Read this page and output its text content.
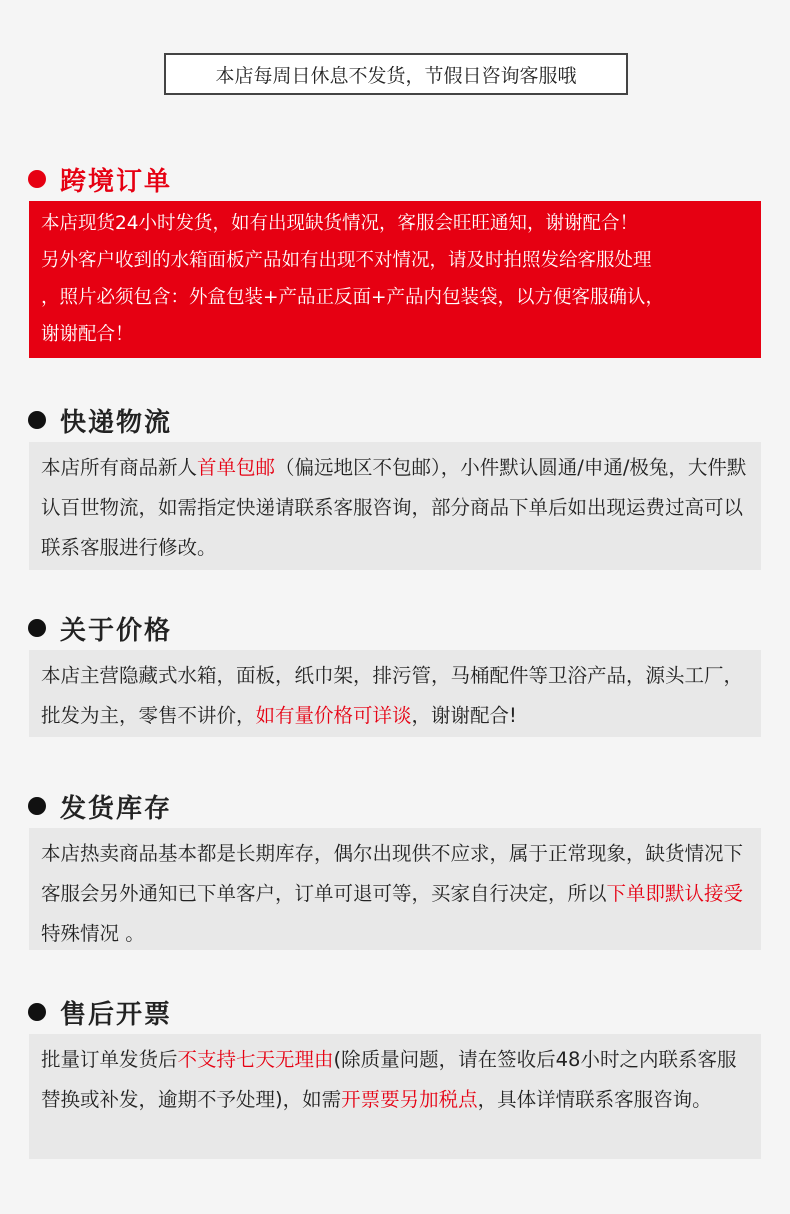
本店每周日休息不发货，节假日咨询客服哦
跨境订单

本店现货24小时发货，如有出现缺货情况，客服会旺旺通知，谢谢配合！

另外客户收到的水箱面板产品如有出现不对情况，请及时拍照发给客服处理

，照片必须包含：外盒包装+产品正反面+产品内包装袋，以方便客服确认，

谢谢配合！

快递物流

本店所有商品新人首单包邮（偏远地区不包邮），小件默认圆通/申通/极兔，大件默认百世物流，如需指定快递请联系客服咨询，部分商品下单后如出现运费过高可以联系客服进行修改。

关于价格

本店主营隐藏式水箱，面板，纸巾架，排污管，马桶配件等卫浴产品，源头工厂，批发为主，零售不讲价，如有量价格可详谈，谢谢配合!

发货库存

本店热卖商品基本都是长期库存，偶尔出现供不应求，属于正常现象，缺货情况下客服会另外通知已下单客户，订单可退可等，买家自行决定，所以下单即默认接受特殊情况 。

售后开票

批量订单发货后不支持七天无理由(除质量问题，请在签收后48小时之内联系客服替换或补发，逾期不予处理)，如需开票要另加税点，具体详情联系客服咨询。
